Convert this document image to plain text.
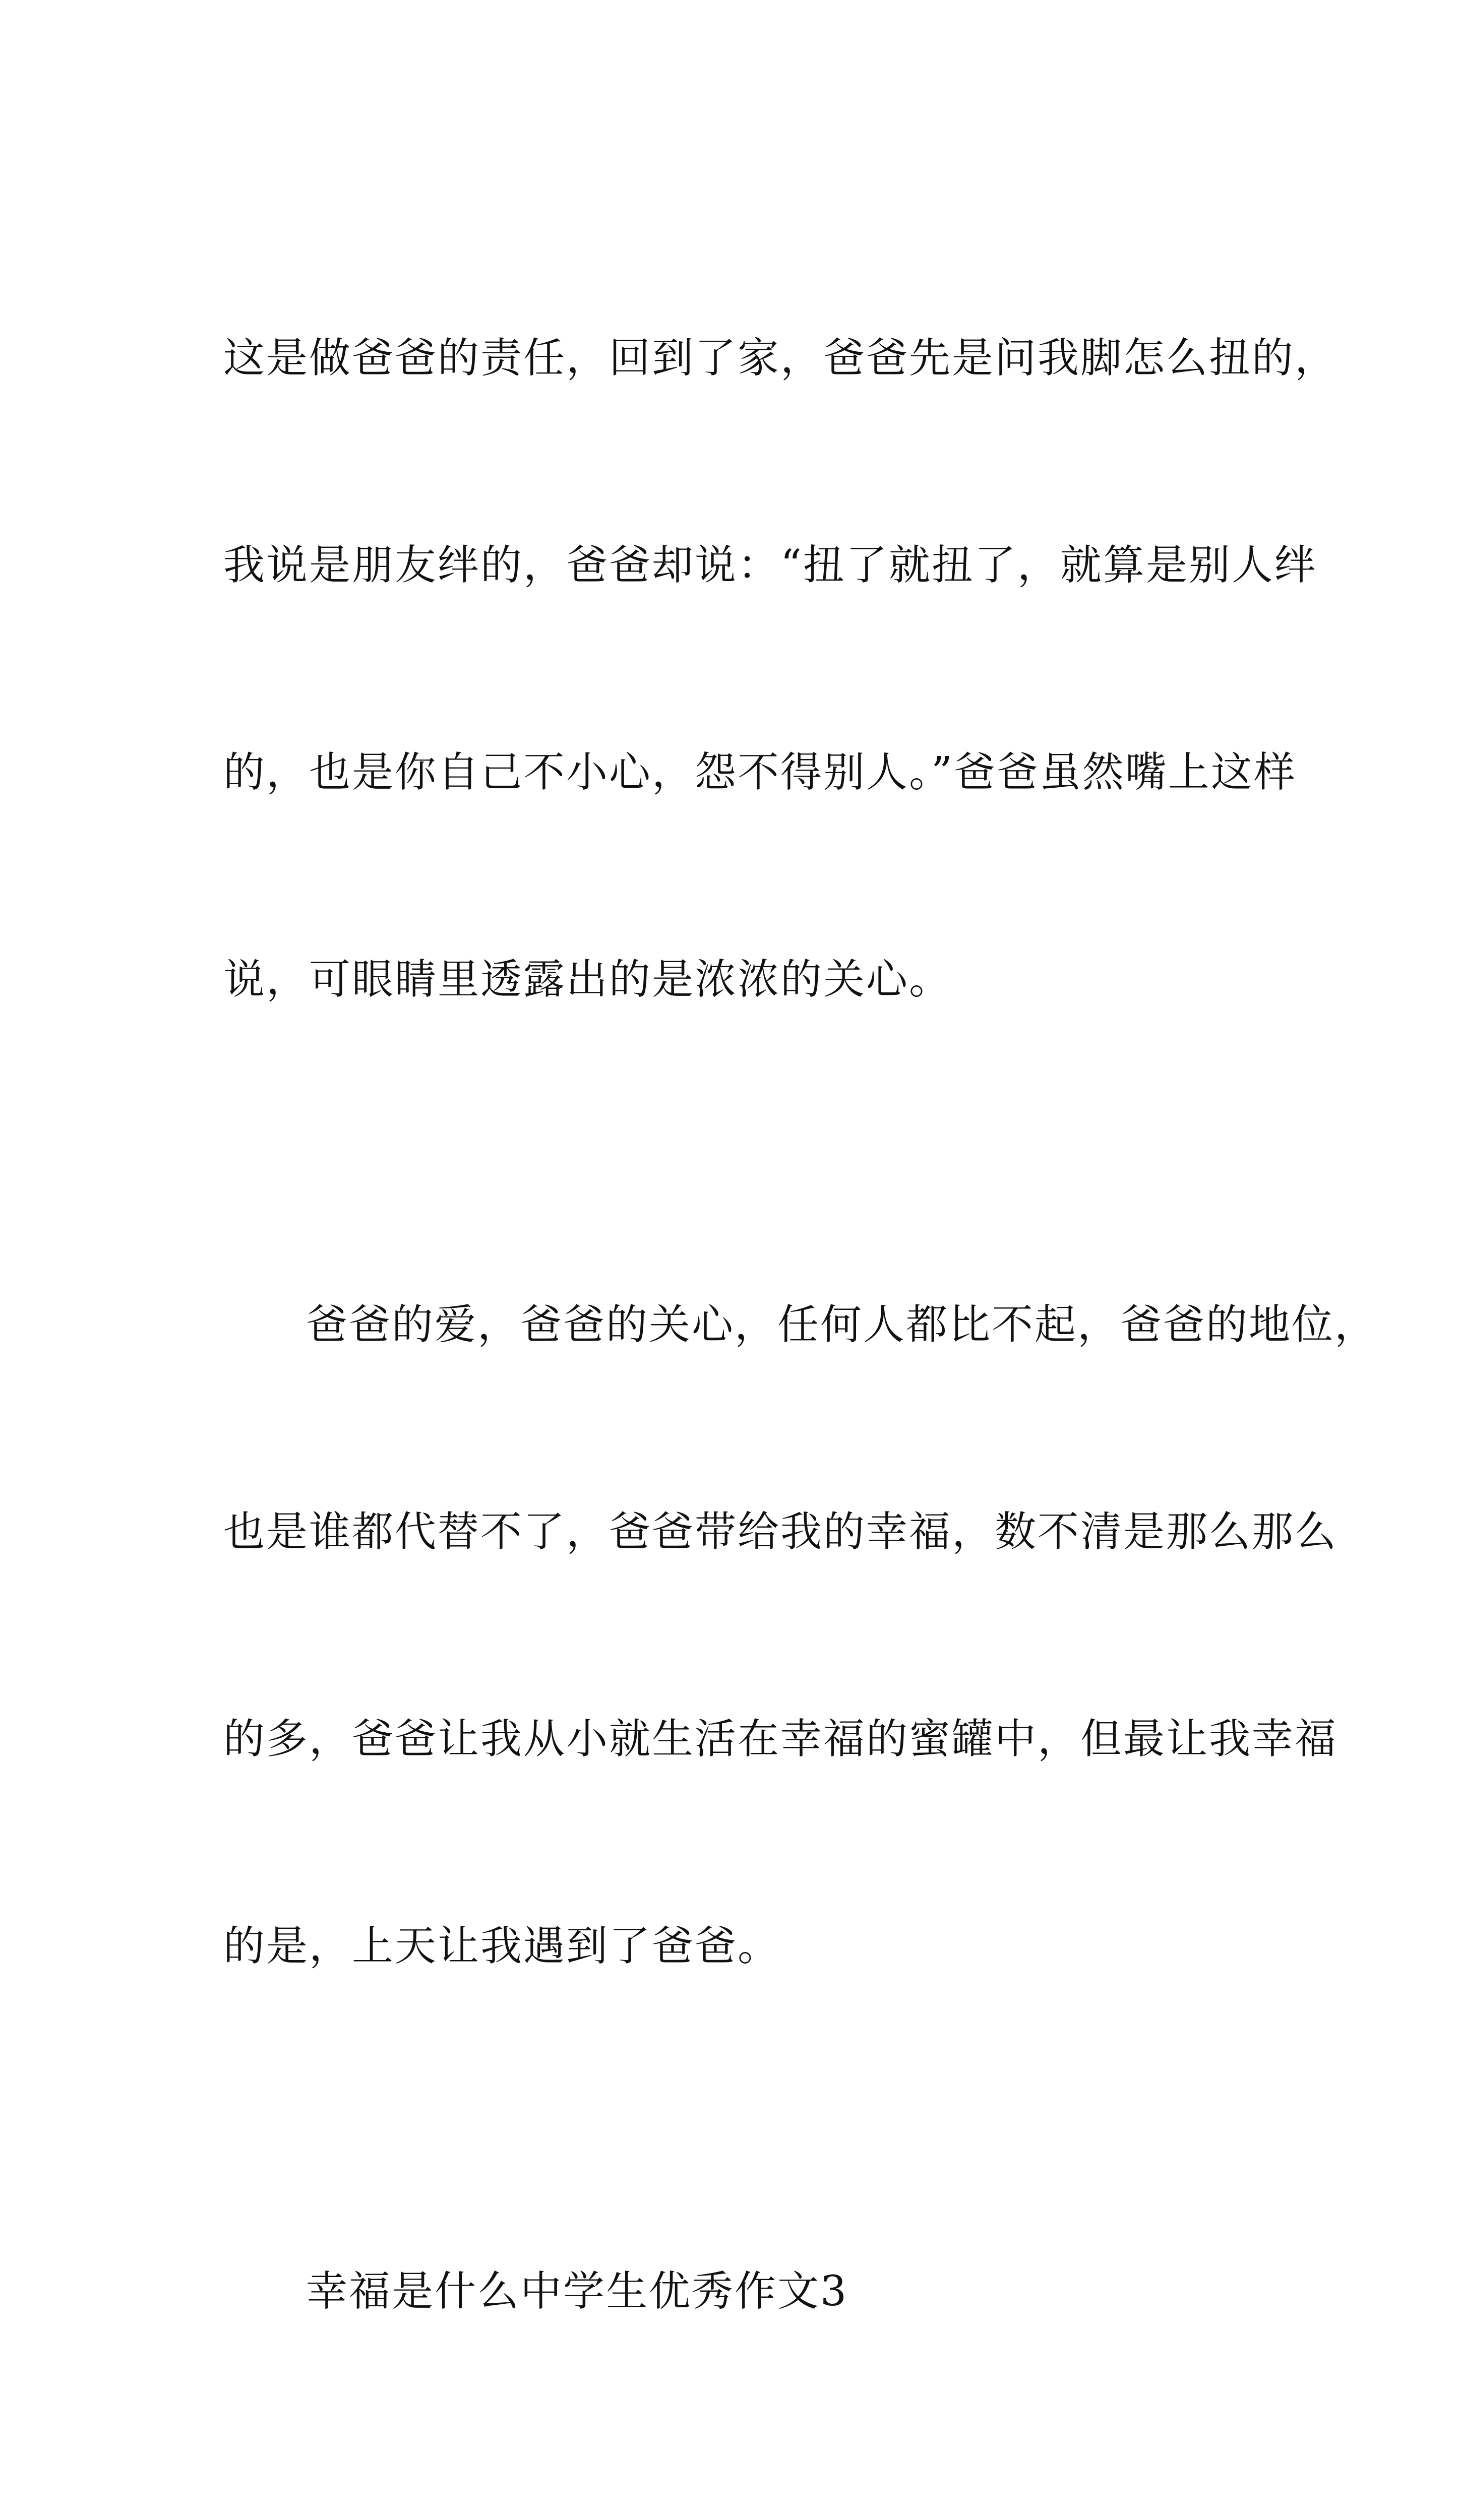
这是做爸爸的责任，回到了家，爸爸先是问我脚怎么扭的，

我说是朋友绊的，爸爸却说：“扭了就扭了，就算是别人绊

的，也是你自己不小心，怨不得别人。”爸爸虽然嘴上这样

说，可眼睛里透露出的是浓浓的关心。

爸爸的爱，爸爸的关心，任何人都比不起，爸爸的地位，

也是谁都代替不了，爸爸带给我的幸福，数不清是那么那么

的多，爸爸让我从小就生活在幸福的蜜罐中，但最让我幸福

的是，上天让我遇到了爸爸。

幸福是什么中学生优秀作文3
